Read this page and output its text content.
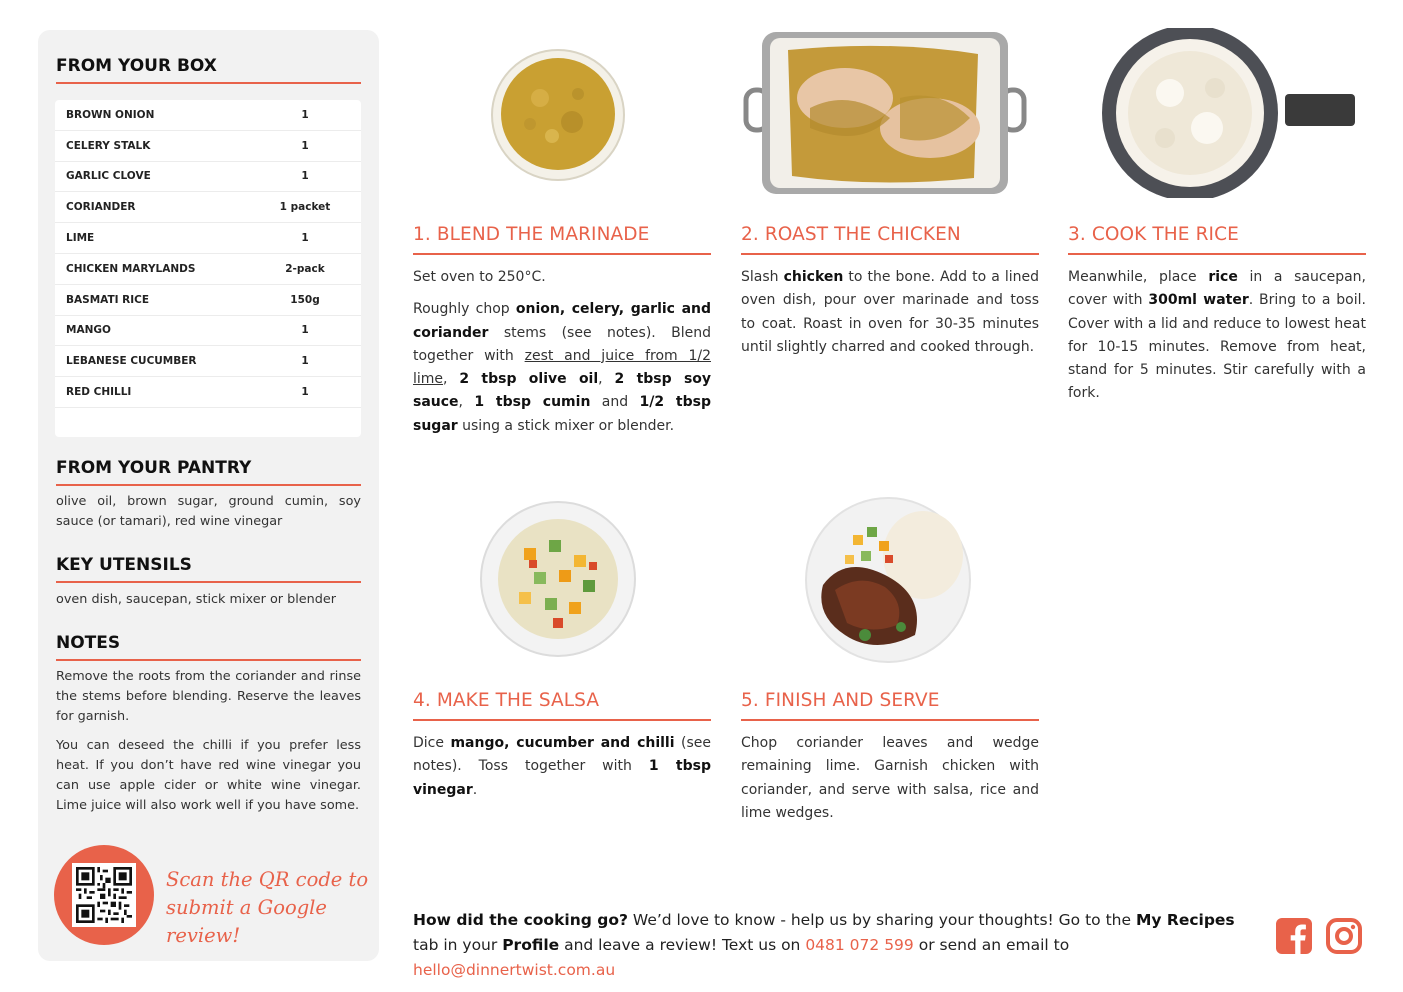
FROM YOUR BOX
BROWN ONION	1
CELERY STALK	1
GARLIC CLOVE	1
CORIANDER	1 packet
LIME	1
CHICKEN MARYLANDS	2-pack
BASMATI RICE	150g
MANGO	1
LEBANESE CUCUMBER	1
RED CHILLI	1
FROM YOUR PANTRY
olive oil, brown sugar, ground cumin, soy sauce (or tamari), red wine vinegar
KEY UTENSILS
oven dish, saucepan, stick mixer or blender
NOTES
Remove the roots from the coriander and rinse the stems before blending. Reserve the leaves for garnish.
You can deseed the chilli if you prefer less heat. If you don’t have red wine vinegar you can use apple cider or white wine vinegar. Lime juice will also work well if you have some.
Scan the QR code to
submit a Google review!
1. BLEND THE MARINADE

Set oven to 250°C.

Roughly chop onion, celery, garlic and coriander stems (see notes). Blend together with zest and juice from 1/2 lime, 2 tbsp olive oil, 2 tbsp soy sauce, 1 tbsp cumin and 1/2 tbsp sugar using a stick mixer or blender.

2. ROAST THE CHICKEN

Slash chicken to the bone. Add to a lined oven dish, pour over marinade and toss to coat. Roast in oven for 30-35 minutes until slightly charred and cooked through.

3. COOK THE RICE

Meanwhile, place rice in a saucepan, cover with 300ml water. Bring to a boil. Cover with a lid and reduce to lowest heat for 10-15 minutes. Remove from heat, stand for 5 minutes. Stir carefully with a fork.

4. MAKE THE SALSA

Dice mango, cucumber and chilli (see notes). Toss together with 1 tbsp vinegar.

5. FINISH AND SERVE

Chop coriander leaves and wedge remaining lime. Garnish chicken with coriander, and serve with salsa, rice and lime wedges.

How did the cooking go? We’d love to know - help us by sharing your thoughts! Go to the My Recipes tab in your Profile and leave a review! Text us on 0481 072 599 or send an email to hello@dinnertwist.com.au
